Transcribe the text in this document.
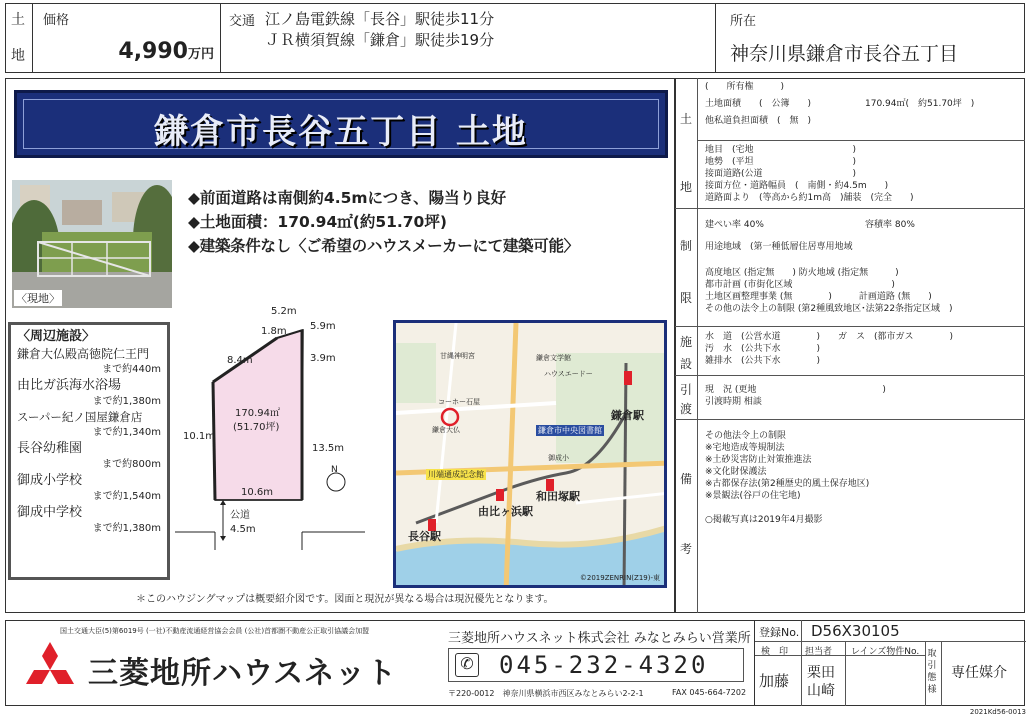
土
地
価格
4,990万円
交通 江ノ島電鉄線「長谷」駅徒歩11分
ＪＲ横須賀線「鎌倉」駅徒歩19分
所在
神奈川県鎌倉市長谷五丁目
鎌倉市長谷五丁目 土地
〈現地〉
◆前面道路は南側約4.5mにつき、陽当り良好
◆土地面積：170.94㎡(約51.70坪)
◆建築条件なし〈ご希望のハウスメーカーにて建築可能〉
〈周辺施設〉
鎌倉大仏殿高徳院仁王門
まで約440m
由比ガ浜海水浴場
まで約1,380m
スーパー紀ノ国屋鎌倉店
まで約1,340m
長谷幼稚園
まで約800m
御成小学校
まで約1,540m
御成中学校
まで約1,380m
5.2m
1.8m 5.9m
8.4m	3.9m
10.1m
13.5m
10.6m
170.94㎡
(51.70坪)
N
公道
4.5m
鎌倉駅
由比ヶ浜駅
和田塚駅
長谷駅
鎌倉市中央図書館
川端通成記念館
コーホー石屋
甘縄神明宮
御成小
鎌倉文学館
鎌倉大仏
ハウスエードー
©2019ZENRIN(Z19)-東
＊このハウジングマップは概要紹介図です。図面と現況が異なる場合は現況優先となります。
土
地
(　　所有権　　　)
土地面積　　(　公簿　　)	170.94㎡(　約51.70坪　)
他私道負担面積　(　無　)
地目　(宅地　　　　　　　　　　　)
地勢　(平坦　　　　　　　　　　　)
接面道路(公道　　　　　　　　　　)
接面方位・道路幅員　(　南側・約4.5m　　)
道路面より　(等高から約1m高　)舗装　(完全　　)
制
限
建ぺい率 40%	容積率 80%
用途地域　(第一種低層住居専用地域
高度地区 (指定無　　) 防火地域 (指定無　　　)
都市計画 (市街化区域　　　　　　　　　　　)
土地区画整理事業 (無　　　　)　　　計画道路 (無　　)
その他の法令上の制限 (第2種風致地区･法第22条指定区域　)
施
設
水　道　(公営水道　　　　)　　ガ　ス　(都市ガス　　　　)
汚　水　(公共下水　　　　)
雑排水　(公共下水　　　　)
引
渡
現　況 (更地　　　　　　　　　　　　　　)
引渡時期 相談
備
考
その他法令上の制限
※宅地造成等規制法
※土砂災害防止対策推進法
※文化財保護法
※古都保存法(第2種歴史的風土保存地区)
※景観法(谷戸の住宅地)
○掲載写真は2019年4月撮影
国土交通大臣(5)第6019号 (一社)不動産流通経営協会会員 (公社)首都圏不動産公正取引協議会加盟
三菱地所ハウスネット
三菱地所ハウスネット株式会社 みなとみらい営業所
✆ 045-232-4320
〒220-0012　神奈川県横浜市西区みなとみらい2-2-1	FAX 045-664-7202
登録No. D56X30105
検　印 担当者 レインズ物件No.
加藤 栗田
山崎
取引態様
専任媒介
2021Kd56-0013
